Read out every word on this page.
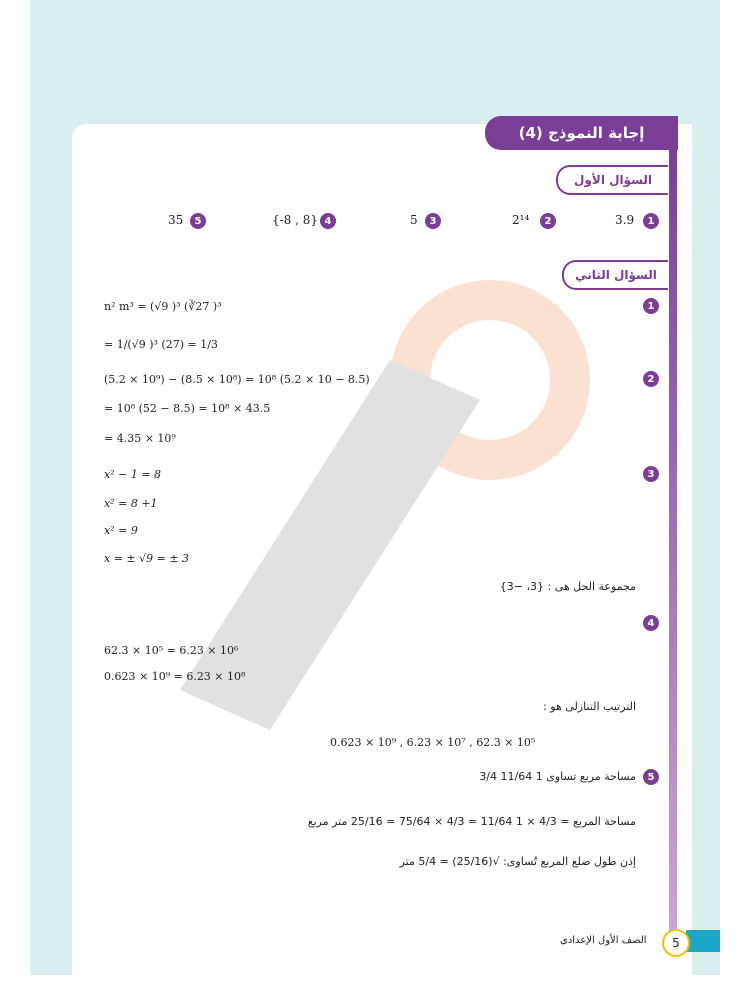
إجابة النموذج (4)
السؤال الأول
1
3.9
2
2¹⁴
3
5
4
{-8 , 8}
5
35
السؤال الثاني
1
n² m³ = (√9 )³ (∛27 )³
= 1/(√9 )³ (27) = 1/3
2
(5.2 × 10⁹) − (8.5 × 10⁸) = 10⁸ (5.2 × 10 − 8.5)
= 10⁸ (52 − 8.5) = 10⁸ × 43.5
= 4.35 × 10⁹
3
x² − 1 = 8
x² = 8 +1
x² = 9
x = ± √9 = ± 3
مجموعة الحل هى : {3، −3}
4
62.3 × 10⁵ = 6.23 × 10⁶
0.623 × 10⁹ = 6.23 × 10⁸
الترتيب التنازلى هو :
0.623 × 10⁹ , 6.23 × 10⁷ , 62.3 × 10⁵
5
مساحة مربع تساوى 1 11/64 3/4
مساحة المربع = 4/3 × 1 11/64 = 4/3 × 75/64 = 25/16 متر مربع
إذن طول ضلع المربع تُساوى: √(25/16) = 5/4 متر
5
الصف الأول الإعدادى
